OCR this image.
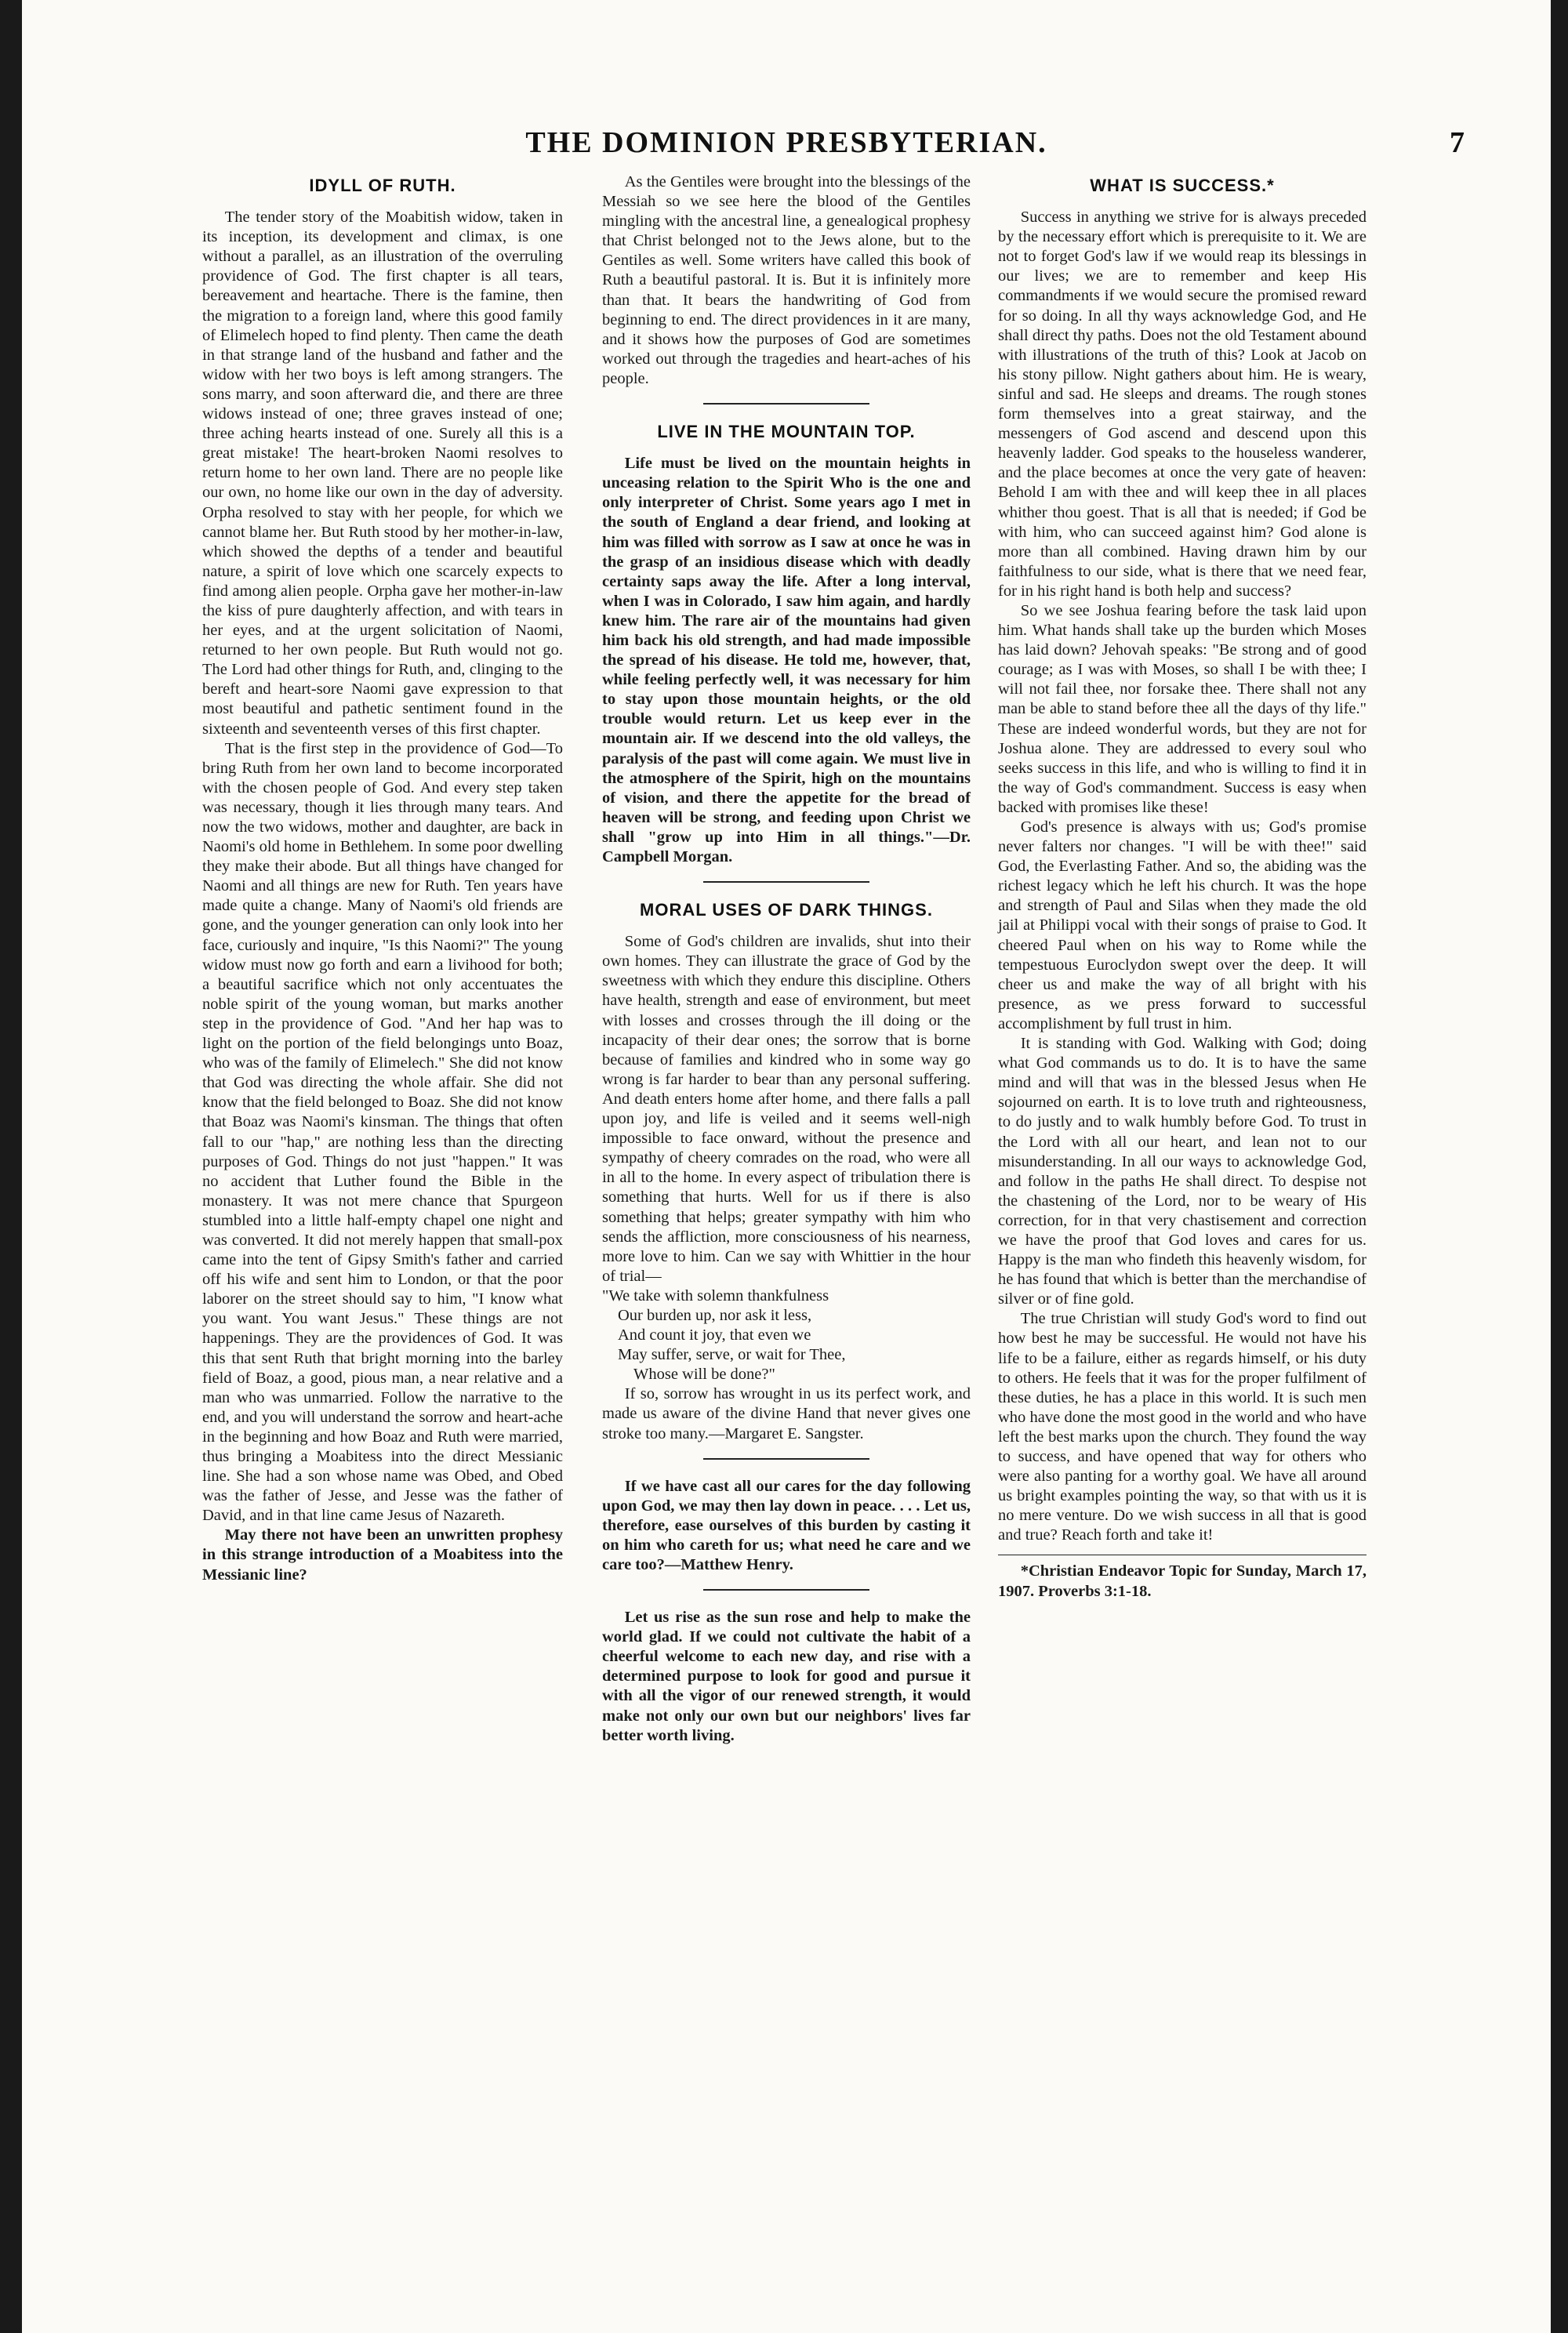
THE DOMINION PRESBYTERIAN.	7
IDYLL OF RUTH.

The tender story of the Moabitish widow, taken in its inception, its development and climax, is one without a parallel, as an illustration of the overruling providence of God. The first chapter is all tears, bereavement and heartache. There is the famine, then the migration to a foreign land, where this good family of Elimelech hoped to find plenty. Then came the death in that strange land of the husband and father and the widow with her two boys is left among strangers. The sons marry, and soon afterward die, and there are three widows instead of one; three graves instead of one; three aching hearts instead of one. Surely all this is a great mistake! The heart-broken Naomi resolves to return home to her own land. There are no people like our own, no home like our own in the day of adversity. Orpha resolved to stay with her people, for which we cannot blame her. But Ruth stood by her mother-in-law, which showed the depths of a tender and beautiful nature, a spirit of love which one scarcely expects to find among alien people. Orpha gave her mother-in-law the kiss of pure daughterly affection, and with tears in her eyes, and at the urgent solicitation of Naomi, returned to her own people. But Ruth would not go. The Lord had other things for Ruth, and, clinging to the bereft and heart-sore Naomi gave expression to that most beautiful and pathetic sentiment found in the sixteenth and seventeenth verses of this first chapter.

That is the first step in the providence of God—To bring Ruth from her own land to become incorporated with the chosen people of God. And every step taken was necessary, though it lies through many tears. And now the two widows, mother and daughter, are back in Naomi's old home in Bethlehem. In some poor dwelling they make their abode. But all things have changed for Naomi and all things are new for Ruth. Ten years have made quite a change. Many of Naomi's old friends are gone, and the younger generation can only look into her face, curiously and inquire, "Is this Naomi?" The young widow must now go forth and earn a livihood for both; a beautiful sacrifice which not only accentuates the noble spirit of the young woman, but marks another step in the providence of God. "And her hap was to light on the portion of the field belongings unto Boaz, who was of the family of Elimelech." She did not know that God was directing the whole affair. She did not know that the field belonged to Boaz. She did not know that Boaz was Naomi's kinsman. The things that often fall to our "hap," are nothing less than the directing purposes of God. Things do not just "happen." It was no accident that Luther found the Bible in the monastery. It was not mere chance that Spurgeon stumbled into a little half-empty chapel one night and was converted. It did not merely happen that small-pox came into the tent of Gipsy Smith's father and carried off his wife and sent him to London, or that the poor laborer on the street should say to him, "I know what you want. You want Jesus." These things are not happenings. They are the providences of God. It was this that sent Ruth that bright morning into the barley field of Boaz, a good, pious man, a near relative and a man who was unmarried. Follow the narrative to the end, and you will understand the sorrow and heart-ache in the beginning and how Boaz and Ruth were married, thus bringing a Moabitess into the direct Messianic line. She had a son whose name was Obed, and Obed was the father of Jesse, and Jesse was the father of David, and in that line came Jesus of Nazareth.

May there not have been an unwritten prophesy in this strange introduction of a Moabitess into the Messianic line?

As the Gentiles were brought into the blessings of the Messiah so we see here the blood of the Gentiles mingling with the ancestral line, a genealogical prophesy that Christ belonged not to the Jews alone, but to the Gentiles as well. Some writers have called this book of Ruth a beautiful pastoral. It is. But it is infinitely more than that. It bears the handwriting of God from beginning to end. The direct providences in it are many, and it shows how the purposes of God are sometimes worked out through the tragedies and heart-aches of his people.

LIVE IN THE MOUNTAIN TOP.

Life must be lived on the mountain heights in unceasing relation to the Spirit Who is the one and only interpreter of Christ. Some years ago I met in the south of England a dear friend, and looking at him was filled with sorrow as I saw at once he was in the grasp of an insidious disease which with deadly certainty saps away the life. After a long interval, when I was in Colorado, I saw him again, and hardly knew him. The rare air of the mountains had given him back his old strength, and had made impossible the spread of his disease. He told me, however, that, while feeling perfectly well, it was necessary for him to stay upon those mountain heights, or the old trouble would return. Let us keep ever in the mountain air. If we descend into the old valleys, the paralysis of the past will come again. We must live in the atmosphere of the Spirit, high on the mountains of vision, and there the appetite for the bread of heaven will be strong, and feeding upon Christ we shall "grow up into Him in all things."—Dr. Campbell Morgan.

MORAL USES OF DARK THINGS.

Some of God's children are invalids, shut into their own homes. They can illustrate the grace of God by the sweetness with which they endure this discipline. Others have health, strength and ease of environment, but meet with losses and crosses through the ill doing or the incapacity of their dear ones; the sorrow that is borne because of families and kindred who in some way go wrong is far harder to bear than any personal suffering. And death enters home after home, and there falls a pall upon joy, and life is veiled and it seems well-nigh impossible to face onward, without the presence and sympathy of cheery comrades on the road, who were all in all to the home. In every aspect of tribulation there is something that hurts. Well for us if there is also something that helps; greater sympathy with him who sends the affliction, more consciousness of his nearness, more love to him. Can we say with Whittier in the hour of trial—

"We take with solemn thankfulness
Our burden up, nor ask it less,
And count it joy, that even we
May suffer, serve, or wait for Thee,
Whose will be done?"

If so, sorrow has wrought in us its perfect work, and made us aware of the divine Hand that never gives one stroke too many.—Margaret E. Sangster.

If we have cast all our cares for the day following upon God, we may then lay down in peace. . . . Let us, therefore, ease ourselves of this burden by casting it on him who careth for us; what need he care and we care too?—Matthew Henry.

Let us rise as the sun rose and help to make the world glad. If we could not cultivate the habit of a cheerful welcome to each new day, and rise with a determined purpose to look for good and pursue it with all the vigor of our renewed strength, it would make not only our own but our neighbors' lives far better worth living.

WHAT IS SUCCESS.*

Success in anything we strive for is always preceded by the necessary effort which is prerequisite to it. We are not to forget God's law if we would reap its blessings in our lives; we are to remember and keep His commandments if we would secure the promised reward for so doing. In all thy ways acknowledge God, and He shall direct thy paths. Does not the old Testament abound with illustrations of the truth of this? Look at Jacob on his stony pillow. Night gathers about him. He is weary, sinful and sad. He sleeps and dreams. The rough stones form themselves into a great stairway, and the messengers of God ascend and descend upon this heavenly ladder. God speaks to the houseless wanderer, and the place becomes at once the very gate of heaven: Behold I am with thee and will keep thee in all places whither thou goest. That is all that is needed; if God be with him, who can succeed against him? God alone is more than all combined. Having drawn him by our faithfulness to our side, what is there that we need fear, for in his right hand is both help and success?

So we see Joshua fearing before the task laid upon him. What hands shall take up the burden which Moses has laid down? Jehovah speaks: "Be strong and of good courage; as I was with Moses, so shall I be with thee; I will not fail thee, nor forsake thee. There shall not any man be able to stand before thee all the days of thy life." These are indeed wonderful words, but they are not for Joshua alone. They are addressed to every soul who seeks success in this life, and who is willing to find it in the way of God's commandment. Success is easy when backed with promises like these!

God's presence is always with us; God's promise never falters nor changes. "I will be with thee!" said God, the Everlasting Father. And so, the abiding was the richest legacy which he left his church. It was the hope and strength of Paul and Silas when they made the old jail at Philippi vocal with their songs of praise to God. It cheered Paul when on his way to Rome while the tempestuous Euroclydon swept over the deep. It will cheer us and make the way of all bright with his presence, as we press forward to successful accomplishment by full trust in him.

It is standing with God. Walking with God; doing what God commands us to do. It is to have the same mind and will that was in the blessed Jesus when He sojourned on earth. It is to love truth and righteousness, to do justly and to walk humbly before God. To trust in the Lord with all our heart, and lean not to our misunderstanding. In all our ways to acknowledge God, and follow in the paths He shall direct. To despise not the chastening of the Lord, nor to be weary of His correction, for in that very chastisement and correction we have the proof that God loves and cares for us. Happy is the man who findeth this heavenly wisdom, for he has found that which is better than the merchandise of silver or of fine gold.

The true Christian will study God's word to find out how best he may be successful. He would not have his life to be a failure, either as regards himself, or his duty to others. He feels that it was for the proper fulfilment of these duties, he has a place in this world. It is such men who have done the most good in the world and who have left the best marks upon the church. They found the way to success, and have opened that way for others who were also panting for a worthy goal. We have all around us bright examples pointing the way, so that with us it is no mere venture. Do we wish success in all that is good and true? Reach forth and take it!

*Christian Endeavor Topic for Sunday, March 17, 1907. Proverbs 3:1-18.
